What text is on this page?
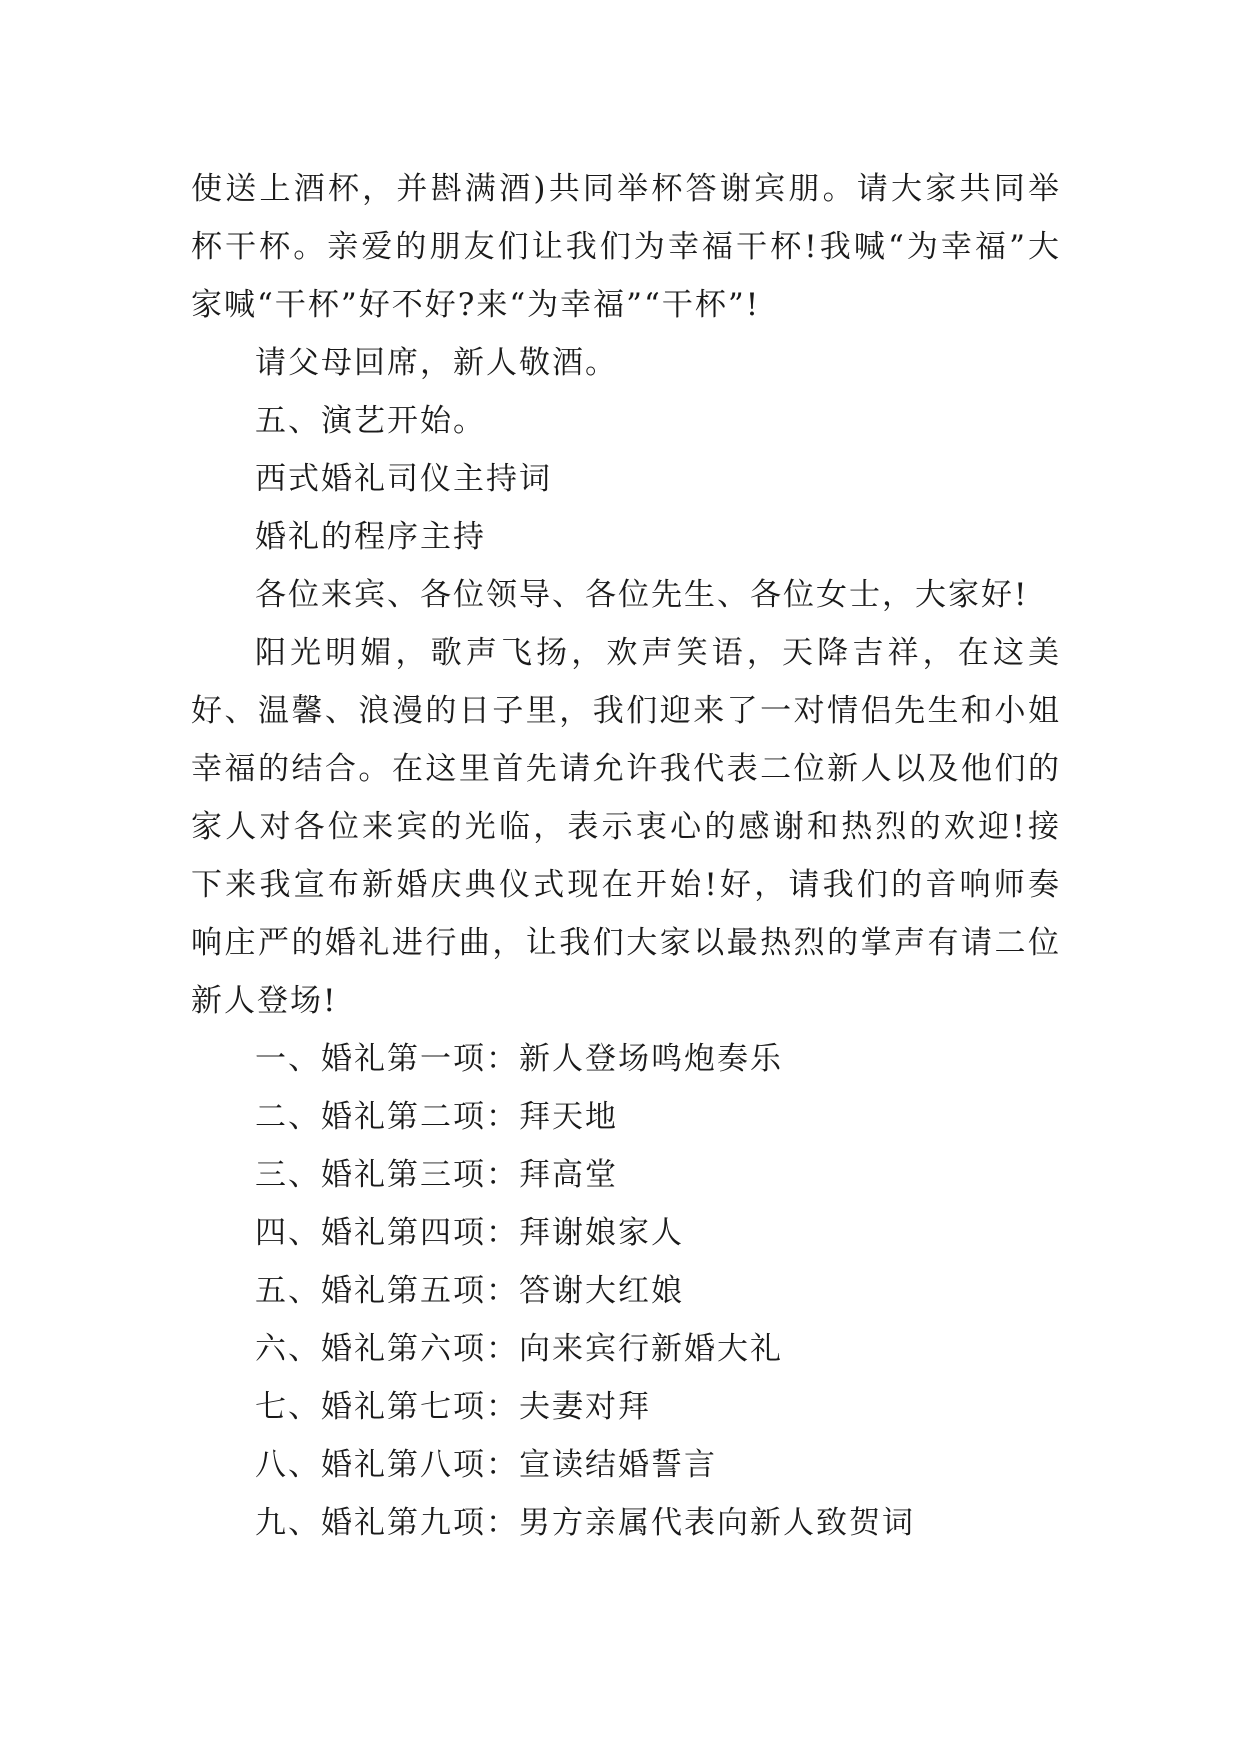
使送上酒杯，并斟满酒)共同举杯答谢宾朋。请大家共同举杯干杯。亲爱的朋友们让我们为幸福干杯!我喊“为幸福”大家喊“干杯”好不好?来“为幸福”“干杯”!

请父母回席，新人敬酒。

五、演艺开始。

西式婚礼司仪主持词

婚礼的程序主持

各位来宾、各位领导、各位先生、各位女士，大家好!

阳光明媚，歌声飞扬，欢声笑语，天降吉祥，在这美好、温馨、浪漫的日子里，我们迎来了一对情侣先生和小姐幸福的结合。在这里首先请允许我代表二位新人以及他们的家人对各位来宾的光临，表示衷心的感谢和热烈的欢迎!接下来我宣布新婚庆典仪式现在开始!好，请我们的音响师奏响庄严的婚礼进行曲，让我们大家以最热烈的掌声有请二位新人登场!

一、婚礼第一项：新人登场鸣炮奏乐
二、婚礼第二项：拜天地
三、婚礼第三项：拜高堂
四、婚礼第四项：拜谢娘家人
五、婚礼第五项：答谢大红娘
六、婚礼第六项：向来宾行新婚大礼
七、婚礼第七项：夫妻对拜
八、婚礼第八项：宣读结婚誓言
九、婚礼第九项：男方亲属代表向新人致贺词
